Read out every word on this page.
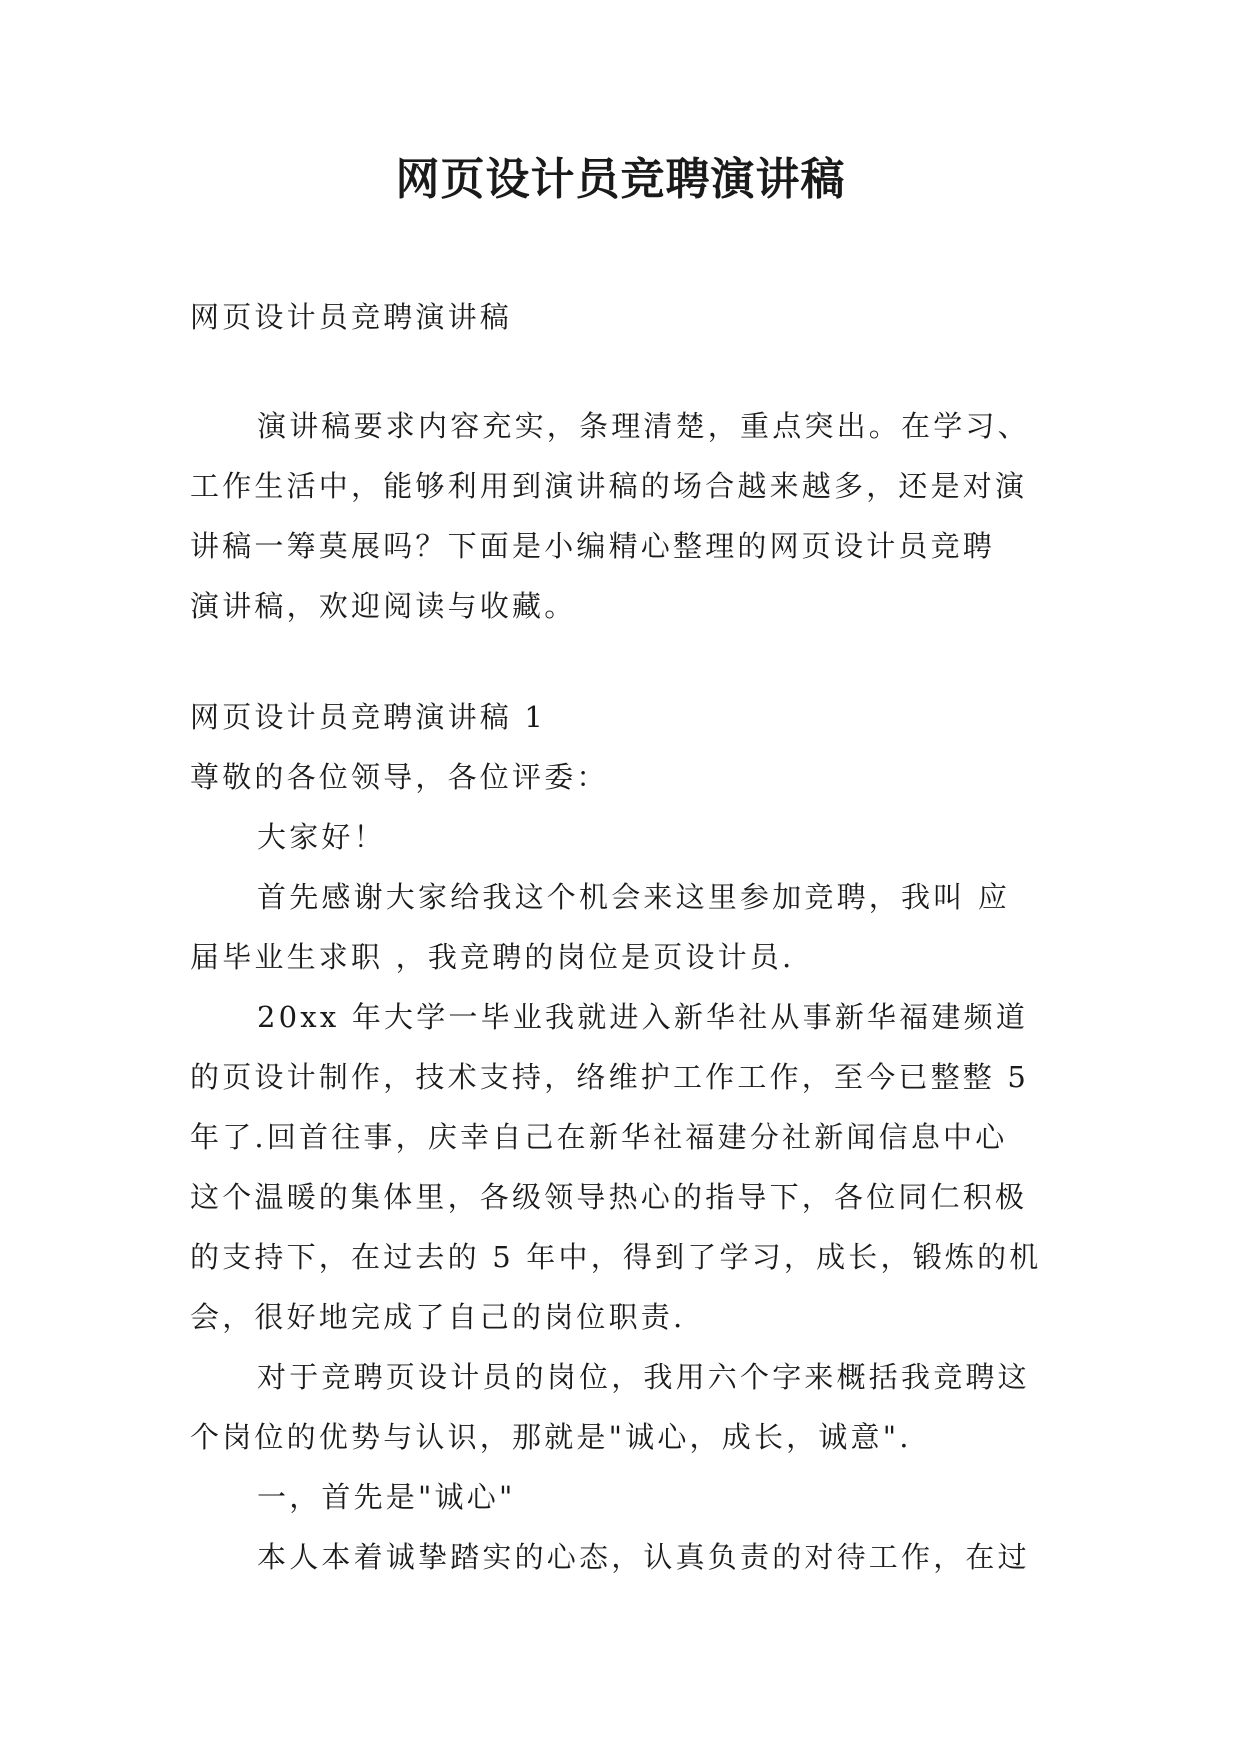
网页设计员竞聘演讲稿
网页设计员竞聘演讲稿
演讲稿要求内容充实，条理清楚，重点突出。在学习、
工作生活中，能够利用到演讲稿的场合越来越多，还是对演
讲稿一筹莫展吗？下面是小编精心整理的网页设计员竞聘
演讲稿，欢迎阅读与收藏。
网页设计员竞聘演讲稿 1
尊敬的各位领导，各位评委：
大家好！
首先感谢大家给我这个机会来这里参加竞聘，我叫 应
届毕业生求职 ，我竞聘的岗位是页设计员.
20xx 年大学一毕业我就进入新华社从事新华福建频道
的页设计制作，技术支持，络维护工作工作，至今已整整 5
年了.回首往事，庆幸自己在新华社福建分社新闻信息中心
这个温暖的集体里，各级领导热心的指导下，各位同仁积极
的支持下，在过去的 5 年中，得到了学习，成长，锻炼的机
会，很好地完成了自己的岗位职责.
对于竞聘页设计员的岗位，我用六个字来概括我竞聘这
个岗位的优势与认识，那就是"诚心，成长，诚意".
一，首先是"诚心"
本人本着诚挚踏实的心态，认真负责的对待工作，在过
